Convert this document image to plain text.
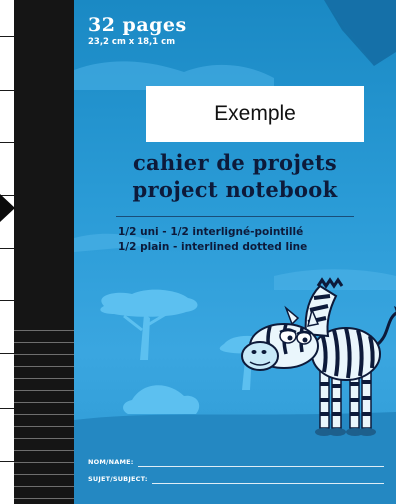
32 pages
23,2 cm x 18,1 cm
Exemple
cahier de projets
project notebook
1/2 uni - 1/2 interligné-pointillé
1/2 plain - interlined dotted line
NOM/NAME:
SUJET/SUBJECT:
